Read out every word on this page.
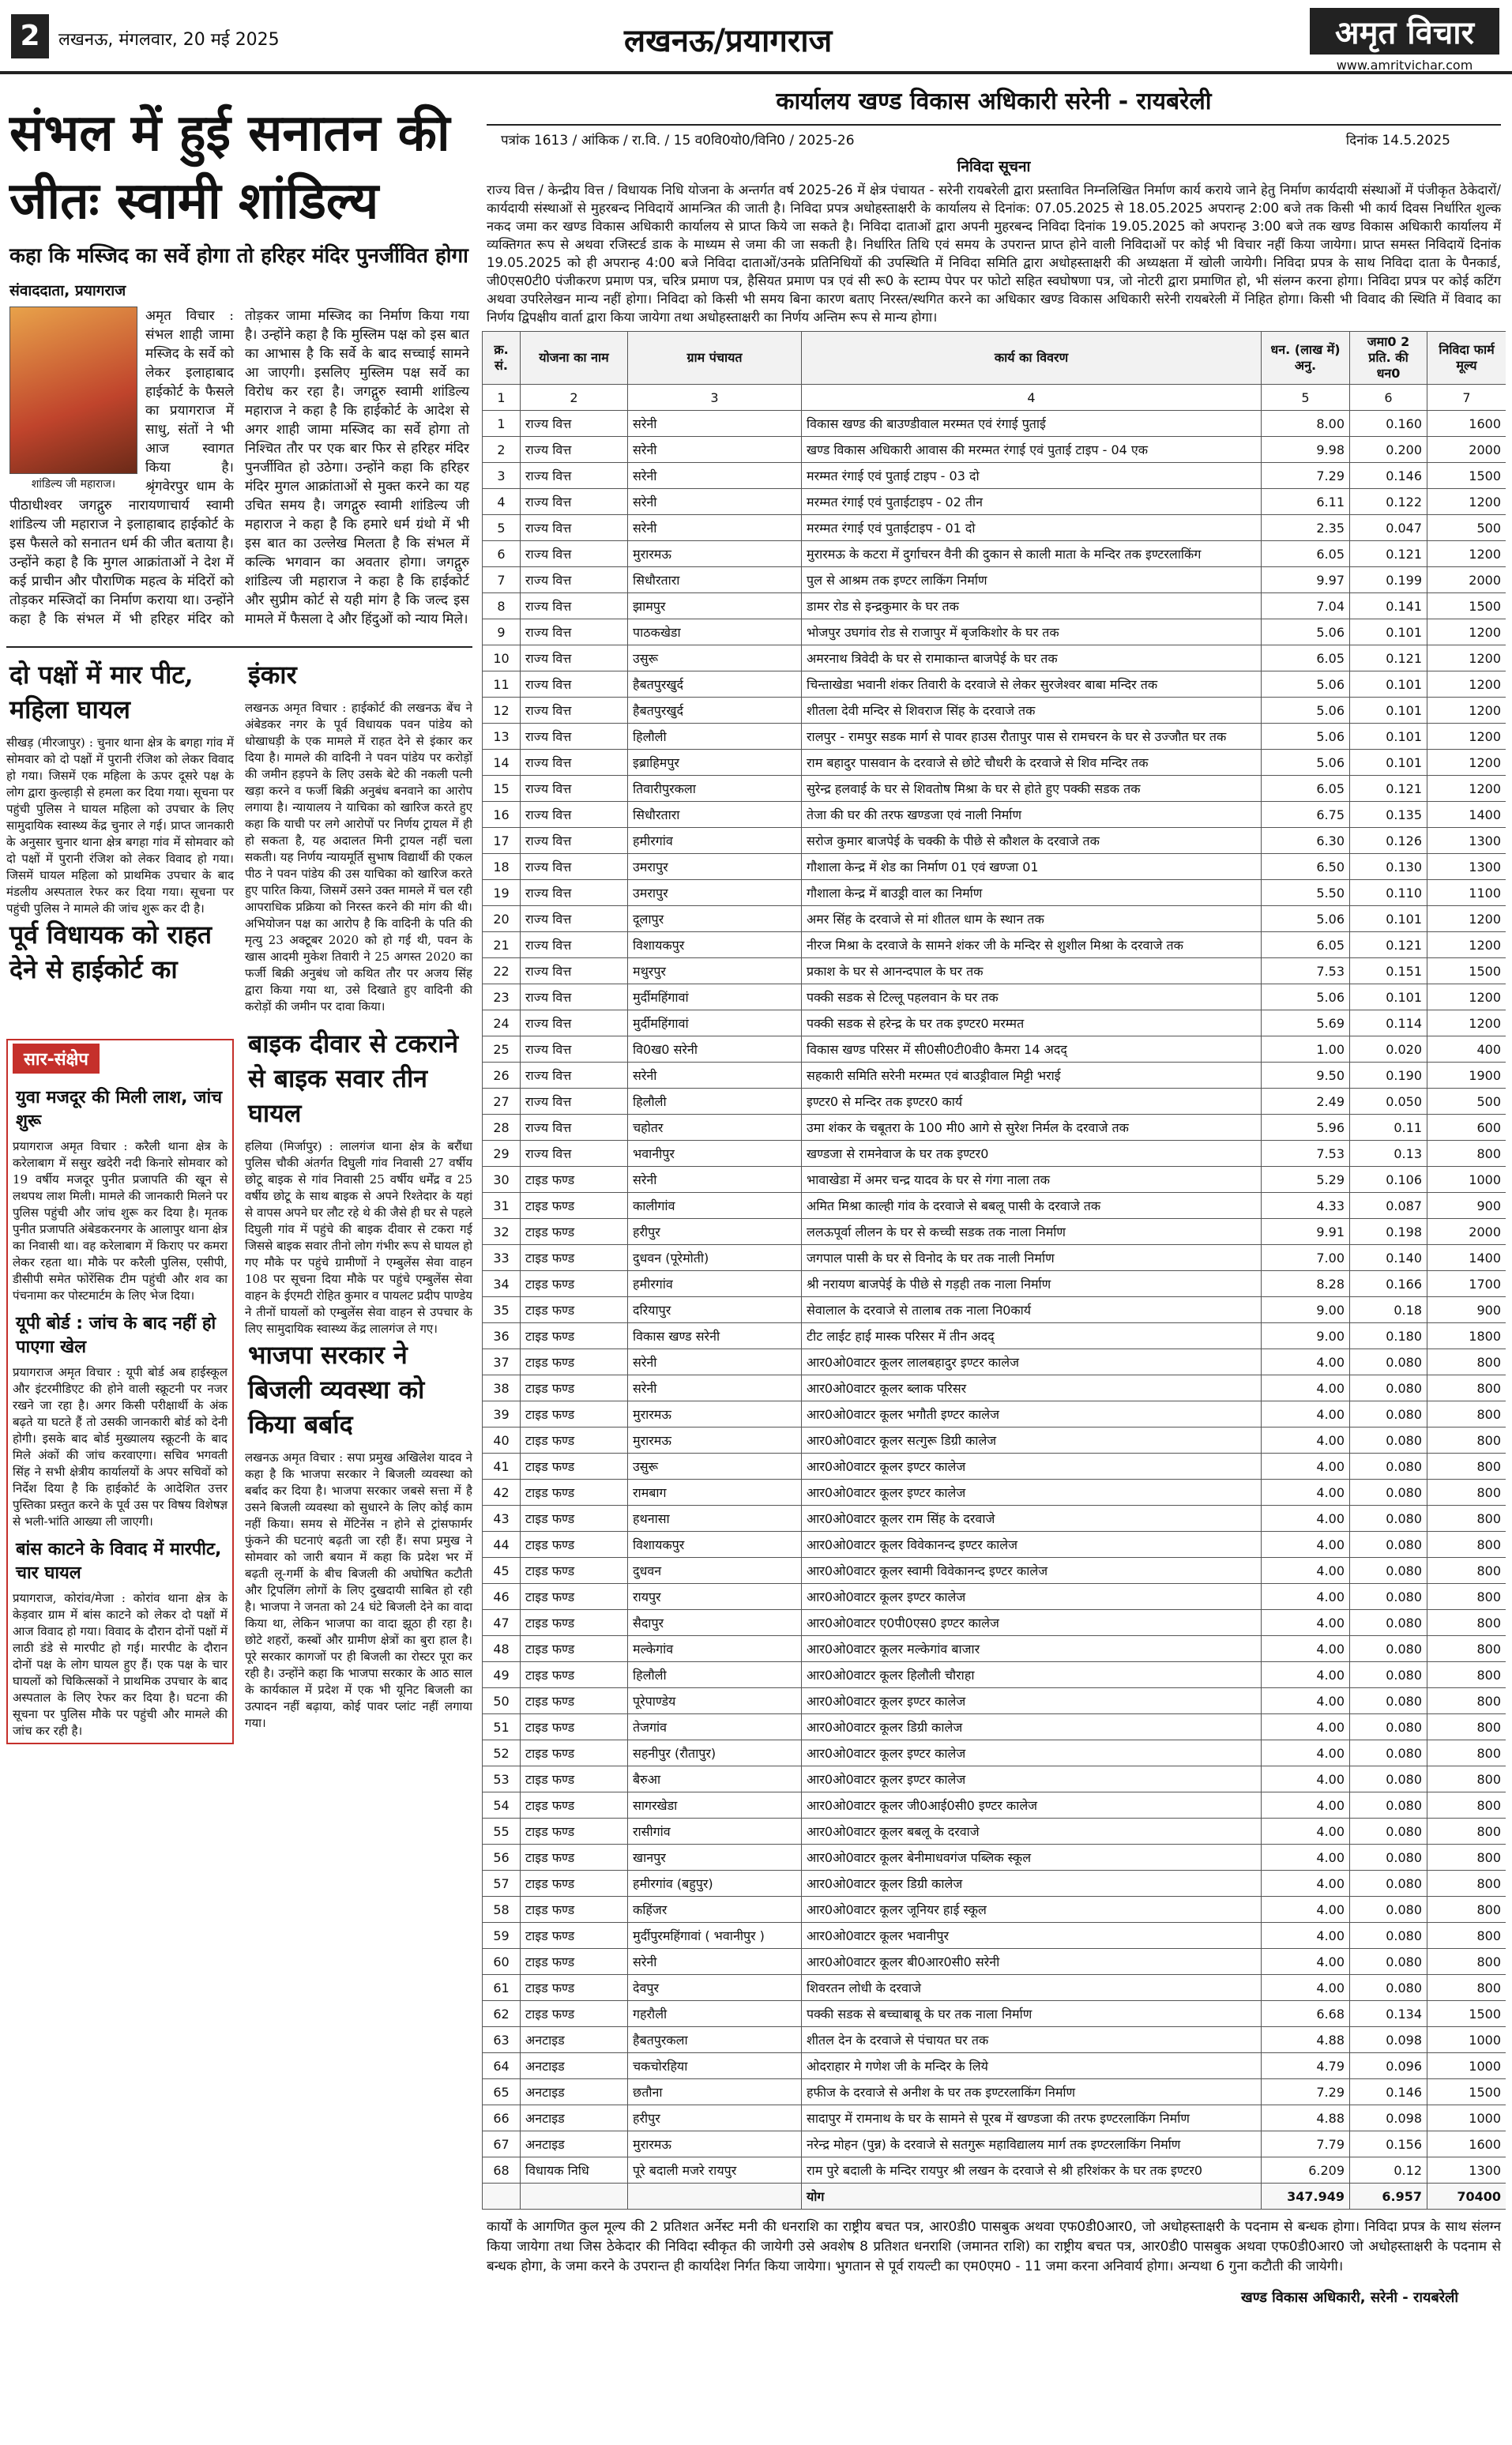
2	लखनऊ, मंगलवार, 20 मई 2025	लखनऊ/प्रयागराज	अमृत विचार
www.amritvichar.com
संभल में हुई सनातन की जीतः स्वामी शांडिल्य
कहा कि मस्जिद का सर्वे होगा तो हरिहर मंदिर पुनर्जीवित होगा
संवाददाता, प्रयागराज
शांडिल्य जी महाराज।
अमृत विचार : संभल शाही जामा मस्जिद के सर्वे को लेकर इलाहाबाद हाईकोर्ट के फैसले का प्रयागराज में साधु, संतों ने भी आज स्वागत किया है। श्रृंगवेरपुर धाम के पीठाधीश्वर जगद्गुरु नारायणाचार्य स्वामी शांडिल्य जी महाराज ने इलाहाबाद हाईकोर्ट के इस फैसले को सनातन धर्म की जीत बताया है। उन्होंने कहा है कि मुगल आक्रांताओं ने देश में कई प्राचीन और पौराणिक महत्व के मंदिरों को तोड़कर मस्जिदों का निर्माण कराया था। उन्होंने कहा है कि संभल में भी हरिहर मंदिर को तोड़कर जामा मस्जिद का निर्माण किया गया है। उन्होंने कहा है कि मुस्लिम पक्ष को इस बात का आभास है कि सर्वे के बाद सच्चाई सामने आ जाएगी। इसलिए मुस्लिम पक्ष सर्वे का विरोध कर रहा है। जगद्गुरु स्वामी शांडिल्य महाराज ने कहा है कि हाईकोर्ट के आदेश से अगर शाही जामा मस्जिद का सर्वे होगा तो निश्चित तौर पर एक बार फिर से हरिहर मंदिर पुनर्जीवित हो उठेगा। उन्होंने कहा कि हरिहर मंदिर मुगल आक्रांताओं से मुक्त करने का यह उचित समय है। जगद्गुरु स्वामी शांडिल्य जी महाराज ने कहा है कि हमारे धर्म ग्रंथो में भी इस बात का उल्लेख मिलता है कि संभल में कल्कि भगवान का अवतार होगा। जगद्गुरु शांडिल्य जी महाराज ने कहा है कि हाईकोर्ट और सुप्रीम कोर्ट से यही मांग है कि जल्द इस मामले में फैसला दे और हिंदुओं को न्याय मिले।
दो पक्षों में मार पीट, महिला घायल
सीखड़ (मीरजापुर) : चुनार थाना क्षेत्र के बगहा गांव में सोमवार को दो पक्षों में पुरानी रंजिश को लेकर विवाद हो गया। जिसमें एक महिला के ऊपर दूसरे पक्ष के लोग द्वारा कुल्हाड़ी से हमला कर दिया गया। सूचना पर पहुंची पुलिस ने घायल महिला को उपचार के लिए सामुदायिक स्वास्थ्य केंद्र चुनार ले गई। प्राप्त जानकारी के अनुसार चुनार थाना क्षेत्र बगहा गांव में सोमवार को दो पक्षों में पुरानी रंजिश को लेकर विवाद हो गया। जिसमें घायल महिला को प्राथमिक उपचार के बाद मंडलीय अस्पताल रेफर कर दिया गया। सूचना पर पहुंची पुलिस ने मामले की जांच शुरू कर दी है।
पूर्व विधायक को राहत देने से हाईकोर्ट का इंकार
लखनऊ अमृत विचार : हाईकोर्ट की लखनऊ बेंच ने अंबेडकर नगर के पूर्व विधायक पवन पांडेय को धोखाधड़ी के एक मामले में राहत देने से इंकार कर दिया है। मामले की वादिनी ने पवन पांडेय पर करोड़ों की जमीन हड़पने के लिए उसके बेटे की नकली पत्नी खड़ा करने व फर्जी बिक्री अनुबंध बनवाने का आरोप लगाया है। न्यायालय ने याचिका को खारिज करते हुए कहा कि याची पर लगे आरोपों पर निर्णय ट्रायल में ही हो सकता है, यह अदालत मिनी ट्रायल नहीं चला सकती। यह निर्णय न्यायमूर्ति सुभाष विद्यार्थी की एकल पीठ ने पवन पांडेय की उस याचिका को खारिज करते हुए पारित किया, जिसमें उसने उक्त मामले में चल रही आपराधिक प्रक्रिया को निरस्त करने की मांग की थी। अभियोजन पक्ष का आरोप है कि वादिनी के पति की मृत्यु 23 अक्टूबर 2020 को हो गई थी, पवन के खास आदमी मुकेश तिवारी ने 25 अगस्त 2020 का फर्जी बिक्री अनुबंध जो कथित तौर पर अजय सिंह द्वारा किया गया था, उसे दिखाते हुए वादिनी की करोड़ों की जमीन पर दावा किया।
सार-संक्षेप
युवा मजदूर की मिली लाश, जांच शुरू
प्रयागराज अमृत विचार : करैली थाना क्षेत्र के करेलाबाग में ससुर खदेरी नदी किनारे सोमवार को 19 वर्षीय मजदूर पुनीत प्रजापति की खून से लथपथ लाश मिली। मामले की जानकारी मिलने पर पुलिस पहुंची और जांच शुरू कर दिया है। मृतक पुनीत प्रजापति अंबेडकरनगर के आलापुर थाना क्षेत्र का निवासी था। वह करेलाबाग में किराए पर कमरा लेकर रहता था। मौके पर करैली पुलिस, एसीपी, डीसीपी समेत फोरेंसिक टीम पहुंची और शव का पंचनामा कर पोस्टमार्टम के लिए भेज दिया।
यूपी बोर्ड : जांच के बाद नहीं हो पाएगा खेल
प्रयागराज अमृत विचार : यूपी बोर्ड अब हाईस्कूल और इंटरमीडिएट की होने वाली स्क्रूटनी पर नजर रखने जा रहा है। अगर किसी परीक्षार्थी के अंक बढ़ते या घटते हैं तो उसकी जानकारी बोर्ड को देनी होगी। इसके बाद बोर्ड मुख्यालय स्क्रूटनी के बाद मिले अंकों की जांच करवाएगा। सचिव भगवती सिंह ने सभी क्षेत्रीय कार्यालयों के अपर सचिवों को निर्देश दिया है कि हाईकोर्ट के आदेशित उत्तर पुस्तिका प्रस्तुत करने के पूर्व उस पर विषय विशेषज्ञ से भली-भांति आख्या ली जाएगी।
बांस काटने के विवाद में मारपीट, चार घायल
प्रयागराज, कोरांव/मेजा : कोरांव थाना क्षेत्र के केड़वार ग्राम में बांस काटने को लेकर दो पक्षों में आज विवाद हो गया। विवाद के दौरान दोनों पक्षों में लाठी डंडे से मारपीट हो गई। मारपीट के दौरान दोनों पक्ष के लोग घायल हुए हैं। एक पक्ष के चार घायलों को चिकित्सकों ने प्राथमिक उपचार के बाद अस्पताल के लिए रेफर कर दिया है। घटना की सूचना पर पुलिस मौके पर पहुंची और मामले की जांच कर रही है।
बाइक दीवार से टकराने से बाइक सवार तीन घायल
हलिया (मिर्जापुर) : लालगंज थाना क्षेत्र के बरौंधा पुलिस चौकी अंतर्गत दिघुली गांव निवासी 27 वर्षीय छोटू बाइक से गांव निवासी 25 वर्षीय धर्मेंद्र व 25 वर्षीय छोटू के साथ बाइक से अपने रिश्तेदार के यहां से वापस अपने घर लौट रहे थे की जैसे ही घर से पहले दिघुली गांव में पहुंचे की बाइक दीवार से टकरा गई जिससे बाइक सवार तीनो लोग गंभीर रूप से घायल हो गए मौके पर पहुंचे ग्रामीणों ने एम्बुलेंस सेवा वाहन 108 पर सूचना दिया मौके पर पहुंचे एम्बुलेंस सेवा वाहन के ईएमटी रोहित कुमार व पायलट प्रदीप पाण्डेय ने तीनों घायलों को एम्बुलेंस सेवा वाहन से उपचार के लिए सामुदायिक स्वास्थ्य केंद्र लालगंज ले गए।
भाजपा सरकार ने बिजली व्यवस्था को किया बर्बाद
लखनऊ अमृत विचार : सपा प्रमुख अखिलेश यादव ने कहा है कि भाजपा सरकार ने बिजली व्यवस्था को बर्बाद कर दिया है। भाजपा सरकार जबसे सत्ता में है उसने बिजली व्यवस्था को सुधारने के लिए कोई काम नहीं किया। समय से मेंटिनेंस न होने से ट्रांसफार्मर फुंकने की घटनाएं बढ़ती जा रही हैं। सपा प्रमुख ने सोमवार को जारी बयान में कहा कि प्रदेश भर में बढ़ती लू-गर्मी के बीच बिजली की अघोषित कटौती और ट्रिपलिंग लोगों के लिए दुखदायी साबित हो रही है। भाजपा ने जनता को 24 घंटे बिजली देने का वादा किया था, लेकिन भाजपा का वादा झूठा ही रहा है। छोटे शहरों, कस्बों और ग्रामीण क्षेत्रों का बुरा हाल है। पूरे सरकार कागजों पर ही बिजली का रोस्टर पूरा कर रही है। उन्होंने कहा कि भाजपा सरकार के आठ साल के कार्यकाल में प्रदेश में एक भी यूनिट बिजली का उत्पादन नहीं बढ़ाया, कोई पावर प्लांट नहीं लगाया गया।
कार्यालय खण्ड विकास अधिकारी सरेनी - रायबरेली
पत्रांक 1613 / आंकिक / रा.वि. / 15 व0वि0यो0/विनि0 / 2025-26	दिनांक 14.5.2025
निविदा सूचना
राज्य वित्त / केन्द्रीय वित्त / विधायक निधि योजना के अन्तर्गत वर्ष 2025-26 में क्षेत्र पंचायत - सरेनी रायबरेली द्वारा प्रस्तावित निम्नलिखित निर्माण कार्य कराये जाने हेतु निर्माण कार्यदायी संस्थाओं में पंजीकृत ठेकेदारों/कार्यदायी संस्थाओं से मुहरबन्द निविदायें आमन्त्रित की जाती है। निविदा प्रपत्र अधोहस्ताक्षरी के कार्यालय से दिनांक: 07.05.2025 से 18.05.2025 अपरान्ह 2:00 बजे तक किसी भी कार्य दिवस निर्धारित शुल्क नकद जमा कर खण्ड विकास अधिकारी कार्यालय से प्राप्त किये जा सकते है। निविदा दाताओं द्वारा अपनी मुहरबन्द निविदा दिनांक 19.05.2025 को अपरान्ह 3:00 बजे तक खण्ड विकास अधिकारी कार्यालय में व्यक्तिगत रूप से अथवा रजिस्टर्ड डाक के माध्यम से जमा की जा सकती है। निर्धारित तिथि एवं समय के उपरान्त प्राप्त होने वाली निविदाओं पर कोई भी विचार नहीं किया जायेगा। प्राप्त समस्त निविदायें दिनांक 19.05.2025 को ही अपरान्ह 4:00 बजे निविदा दाताओं/उनके प्रतिनिधियों की उपस्थिति में निविदा समिति द्वारा अधोहस्ताक्षरी की अध्यक्षता में खोली जायेगी। निविदा प्रपत्र के साथ निविदा दाता के पैनकार्ड, जी0एस0टी0 पंजीकरण प्रमाण पत्र, चरित्र प्रमाण पत्र, हैसियत प्रमाण पत्र एवं सी रू0 के स्टाम्प पेपर पर फोटो सहित स्वघोषणा पत्र, जो नोटरी द्वारा प्रमाणित हो, भी संलग्न करना होगा। निविदा प्रपत्र पर कोई कटिंग अथवा उपरिलेखन मान्य नहीं होगा। निविदा को किसी भी समय बिना कारण बताए निरस्त/स्थगित करने का अधिकार खण्ड विकास अधिकारी सरेनी रायबरेली में निहित होगा। किसी भी विवाद की स्थिति में विवाद का निर्णय द्विपक्षीय वार्ता द्वारा किया जायेगा तथा अधोहस्ताक्षरी का निर्णय अन्तिम रूप से मान्य होगा।
क्र. सं.	योजना का नाम	ग्राम पंचायत	कार्य का विवरण	धन. (लाख में) अनु.	जमा0 2 प्रति. की धन0	निविदा फार्म मूल्य
1	2	3	4	5	6	7
1	राज्य वित्त	सरेनी	विकास खण्ड की बाउण्डीवाल मरम्मत एवं रंगाई पुताई	8.00	0.160	1600
2	राज्य वित्त	सरेनी	खण्ड विकास अधिकारी आवास की मरम्मत रंगाई एवं पुताई टाइप - 04 एक	9.98	0.200	2000
3	राज्य वित्त	सरेनी	मरम्मत रंगाई एवं पुताई टाइप - 03 दो	7.29	0.146	1500
4	राज्य वित्त	सरेनी	मरम्मत रंगाई एवं पुताईटाइप - 02 तीन	6.11	0.122	1200
5	राज्य वित्त	सरेनी	मरम्मत रंगाई एवं पुताईटाइप - 01 दो	2.35	0.047	500
6	राज्य वित्त	मुरारमऊ	मुरारमऊ के कटरा में दुर्गाचरन वैनी की दुकान से काली माता के मन्दिर तक इण्टरलाकिंग	6.05	0.121	1200
7	राज्य वित्त	सिधौरतारा	पुल से आश्रम तक इण्टर लाकिंग निर्माण	9.97	0.199	2000
8	राज्य वित्त	झामपुर	डामर रोड से इन्द्रकुमार के घर तक	7.04	0.141	1500
9	राज्य वित्त	पाठकखेडा	भोजपुर उघगांव रोड से राजापुर में बृजकिशोर के घर तक	5.06	0.101	1200
10	राज्य वित्त	उसुरू	अमरनाथ त्रिवेदी के घर से रामाकान्त बाजपेई के घर तक	6.05	0.121	1200
11	राज्य वित्त	हैबतपुरखुर्द	चिन्ताखेडा भवानी शंकर तिवारी के दरवाजे से लेकर सुरजेश्वर बाबा मन्दिर तक	5.06	0.101	1200
12	राज्य वित्त	हैबतपुरखुर्द	शीतला देवी मन्दिर से शिवराज सिंह के दरवाजे तक	5.06	0.101	1200
13	राज्य वित्त	हिलौली	रालपुर - रामपुर सडक मार्ग से पावर हाउस रौतापुर पास से रामचरन के घर से उज्जौत घर तक	5.06	0.101	1200
14	राज्य वित्त	इब्राहिमपुर	राम बहादुर पासवान के दरवाजे से छोटे चौधरी के दरवाजे से शिव मन्दिर तक	5.06	0.101	1200
15	राज्य वित्त	तिवारीपुरकला	सुरेन्द्र हलवाई के घर से शिवतोष मिश्रा के घर से होते हुए पक्की सडक तक	6.05	0.121	1200
16	राज्य वित्त	सिधौरतारा	तेजा की घर की तरफ खण्डजा एवं नाली निर्माण	6.75	0.135	1400
17	राज्य वित्त	हमीरगांव	सरोज कुमार बाजपेई के चक्की के पीछे से कौशल के दरवाजे तक	6.30	0.126	1300
18	राज्य वित्त	उमरापुर	गौशाला केन्द्र में शेड का निर्माण 01 एवं खण्जा 01	6.50	0.130	1300
19	राज्य वित्त	उमरापुर	गौशाला केन्द्र में बाउड्री वाल का निर्माण	5.50	0.110	1100
20	राज्य वित्त	दूलापुर	अमर सिंह के दरवाजे से मां शीतल धाम के स्थान तक	5.06	0.101	1200
21	राज्य वित्त	विशायकपुर	नीरज मिश्रा के दरवाजे के सामने शंकर जी के मन्दिर से शुशील मिश्रा के दरवाजे तक	6.05	0.121	1200
22	राज्य वित्त	मथुरपुर	प्रकाश के घर से आनन्दपाल के घर तक	7.53	0.151	1500
23	राज्य वित्त	मुर्दीमहिंगावां	पक्की सडक से टिल्लू पहलवान के घर तक	5.06	0.101	1200
24	राज्य वित्त	मुर्दीमहिंगावां	पक्की सडक से हरेन्द्र के घर तक इण्टर0 मरम्मत	5.69	0.114	1200
25	राज्य वित्त	वि0ख0 सरेनी	विकास खण्ड परिसर में सी0सी0टी0वी0 कैमरा 14 अदद्	1.00	0.020	400
26	राज्य वित्त	सरेनी	सहकारी समिति सरेनी मरम्मत एवं बाउड्रीवाल मिट्टी भराई	9.50	0.190	1900
27	राज्य वित्त	हिलौली	इण्टर0 से मन्दिर तक इण्टर0 कार्य	2.49	0.050	500
28	राज्य वित्त	चहोतर	उमा शंकर के चबूतरा के 100 मी0 आगे से सुरेश निर्मल के दरवाजे तक	5.96	0.11	600
29	राज्य वित्त	भवानीपुर	खण्डजा से रामनेवाज के घर तक इण्टर0	7.53	0.13	800
30	टाइड फण्ड	सरेनी	भावाखेडा में अमर चन्द्र यादव के घर से गंगा नाला तक	5.29	0.106	1000
31	टाइड फण्ड	कालीगांव	अमित मिश्रा काल्ही गांव के दरवाजे से बबलू पासी के दरवाजे तक	4.33	0.087	900
32	टाइड फण्ड	हरीपुर	ललऊपूर्वा लीलन के घर से कच्ची सडक तक नाला निर्माण	9.91	0.198	2000
33	टाइड फण्ड	दुधवन (पूरेमोती)	जगपाल पासी के घर से विनोद के घर तक नाली निर्माण	7.00	0.140	1400
34	टाइड फण्ड	हमीरगांव	श्री नरायण बाजपेई के पीछे से गड़ही तक नाला निर्माण	8.28	0.166	1700
35	टाइड फण्ड	दरियापुर	सेवालाल के दरवाजे से तालाब तक नाला नि0कार्य	9.00	0.18	900
36	टाइड फण्ड	विकास खण्ड सरेनी	टीट लाईट हाई मास्क परिसर में तीन अदद्	9.00	0.180	1800
37	टाइड फण्ड	सरेनी	आर0ओ0वाटर कूलर लालबहादुर इण्टर कालेज	4.00	0.080	800
38	टाइड फण्ड	सरेनी	आर0ओ0वाटर कूलर ब्लाक परिसर	4.00	0.080	800
39	टाइड फण्ड	मुरारमऊ	आर0ओ0वाटर कूलर भगौती इण्टर कालेज	4.00	0.080	800
40	टाइड फण्ड	मुरारमऊ	आर0ओ0वाटर कूलर सत्गुरू डिग्री कालेज	4.00	0.080	800
41	टाइड फण्ड	उसुरू	आर0ओ0वाटर कूलर इण्टर कालेज	4.00	0.080	800
42	टाइड फण्ड	रामबाग	आर0ओ0वाटर कूलर इण्टर कालेज	4.00	0.080	800
43	टाइड फण्ड	हथनासा	आर0ओ0वाटर कूलर राम सिंह के दरवाजे	4.00	0.080	800
44	टाइड फण्ड	विशायकपुर	आर0ओ0वाटर कूलर विवेकानन्द इण्टर कालेज	4.00	0.080	800
45	टाइड फण्ड	दुधवन	आर0ओ0वाटर कूलर स्वामी विवेकानन्द इण्टर कालेज	4.00	0.080	800
46	टाइड फण्ड	रायपुर	आर0ओ0वाटर कूलर इण्टर कालेज	4.00	0.080	800
47	टाइड फण्ड	सैदापुर	आर0ओ0वाटर ए0पी0एस0 इण्टर कालेज	4.00	0.080	800
48	टाइड फण्ड	मल्केगांव	आर0ओ0वाटर कूलर मल्केगांव बाजार	4.00	0.080	800
49	टाइड फण्ड	हिलौली	आर0ओ0वाटर कूलर हिलौली चौराहा	4.00	0.080	800
50	टाइड फण्ड	पूरेपाण्डेय	आर0ओ0वाटर कूलर इण्टर कालेज	4.00	0.080	800
51	टाइड फण्ड	तेजगांव	आर0ओ0वाटर कूलर डिग्री कालेज	4.00	0.080	800
52	टाइड फण्ड	सहनीपुर (रौतापुर)	आर0ओ0वाटर कूलर इण्टर कालेज	4.00	0.080	800
53	टाइड फण्ड	बैरुआ	आर0ओ0वाटर कूलर इण्टर कालेज	4.00	0.080	800
54	टाइड फण्ड	सागरखेडा	आर0ओ0वाटर कूलर जी0आई0सी0 इण्टर कालेज	4.00	0.080	800
55	टाइड फण्ड	रासीगांव	आर0ओ0वाटर कूलर बबलू के दरवाजे	4.00	0.080	800
56	टाइड फण्ड	खानपुर	आर0ओ0वाटर कूलर बेनीमाधवगंज पब्लिक स्कूल	4.00	0.080	800
57	टाइड फण्ड	हमीरगांव (बहुपुर)	आर0ओ0वाटर कूलर डिग्री कालेज	4.00	0.080	800
58	टाइड फण्ड	कहिंजर	आर0ओ0वाटर कूलर जूनियर हाई स्कूल	4.00	0.080	800
59	टाइड फण्ड	मुर्दीपुरमहिंगावां ( भवानीपुर )	आर0ओ0वाटर कूलर भवानीपुर	4.00	0.080	800
60	टाइड फण्ड	सरेनी	आर0ओ0वाटर कूलर बी0आर0सी0 सरेनी	4.00	0.080	800
61	टाइड फण्ड	देवपुर	शिवरतन लोधी के दरवाजे	4.00	0.080	800
62	टाइड फण्ड	गहरौली	पक्की सडक से बच्चाबाबू के घर तक नाला निर्माण	6.68	0.134	1500
63	अनटाइड	हैबतपुरकला	शीतल देन के दरवाजे से पंचायत घर तक	4.88	0.098	1000
64	अनटाइड	चकचोरहिया	ओदराहार मे गणेश जी के मन्दिर के लिये	4.79	0.096	1000
65	अनटाइड	छतौना	हफीज के दरवाजे से अनीश के घर तक इण्टरलाकिंग निर्माण	7.29	0.146	1500
66	अनटाइड	हरीपुर	सादापुर में रामनाथ के घर के सामने से पूरब में खण्डजा की तरफ इण्टरलाकिंग निर्माण	4.88	0.098	1000
67	अनटाइड	मुरारमऊ	नरेन्द्र मोहन (पुन्न) के दरवाजे से सतगुरू महाविद्यालय मार्ग तक इण्टरलाकिंग निर्माण	7.79	0.156	1600
68	विधायक निधि	पूरे बदाली मजरे रायपुर	राम पुरे बदाली के मन्दिर रायपुर श्री लखन के दरवाजे से श्री हरिशंकर के घर तक इण्टर0	6.209	0.12	1300
			योग	347.949	6.957	70400
कार्यों के आगणित कुल मूल्य की 2 प्रतिशत अर्नेस्ट मनी की धनराशि का राष्ट्रीय बचत पत्र, आर0डी0 पासबुक अथवा एफ0डी0आर0, जो अधोहस्ताक्षरी के पदनाम से बन्धक होगा। निविदा प्रपत्र के साथ संलग्न किया जायेगा तथा जिस ठेकेदार की निविदा स्वीकृत की जायेगी उसे अवशेष 8 प्रतिशत धनराशि (जमानत राशि) का राष्ट्रीय बचत पत्र, आर0डी0 पासबुक अथवा एफ0डी0आर0 जो अधोहस्ताक्षरी के पदनाम से बन्धक होगा, के जमा करने के उपरान्त ही कार्यादेश निर्गत किया जायेगा। भुगतान से पूर्व रायल्टी का एम0एम0 - 11 जमा करना अनिवार्य होगा। अन्यथा 6 गुना कटौती की जायेगी।
खण्ड विकास अधिकारी, सरेनी - रायबरेली
